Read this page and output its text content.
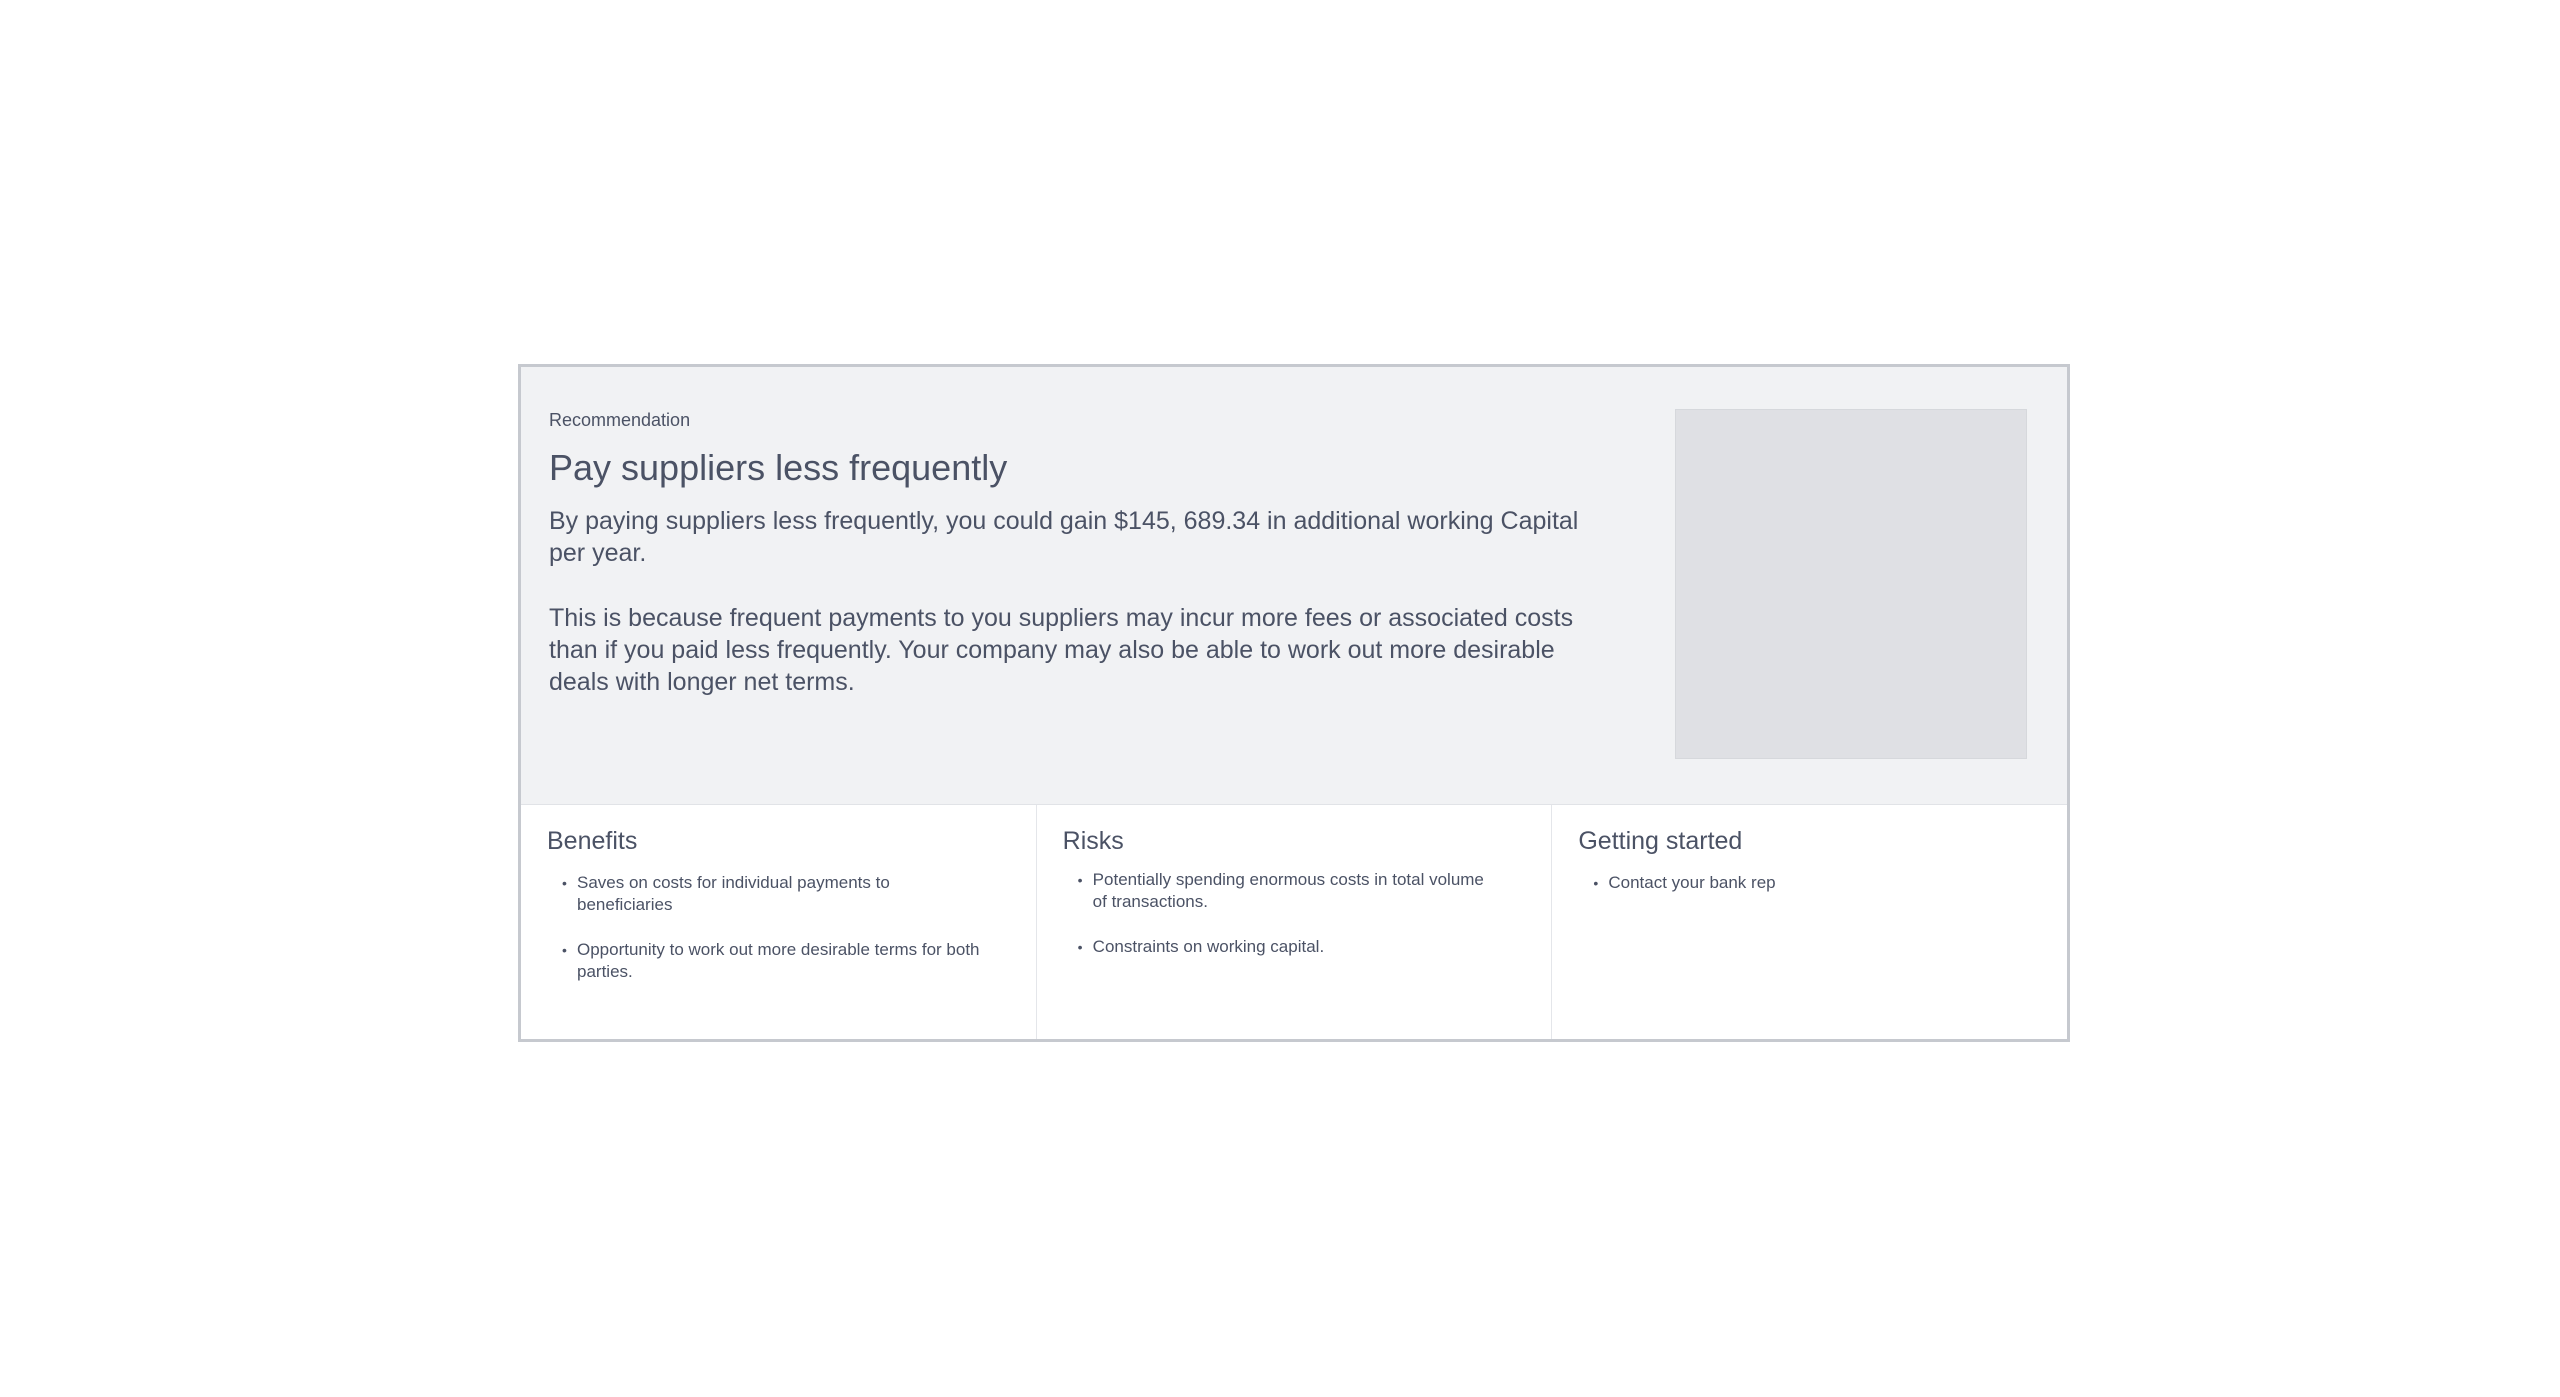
Recommendation
Pay suppliers less frequently
By paying suppliers less frequently, you could gain $145, 689.34 in additional working Capital per year.
This is because frequent payments to you suppliers may incur more fees or associated costs than if you paid less frequently. Your company may also be able to work out more desirable deals with longer net terms.
Benefits
• Saves on costs for individual payments to beneficiaries
• Opportunity to work out more desirable terms for both parties.
Risks
• Potentially spending enormous costs in total volume of transactions.
• Constraints on working capital.
Getting started
• Contact your bank rep
